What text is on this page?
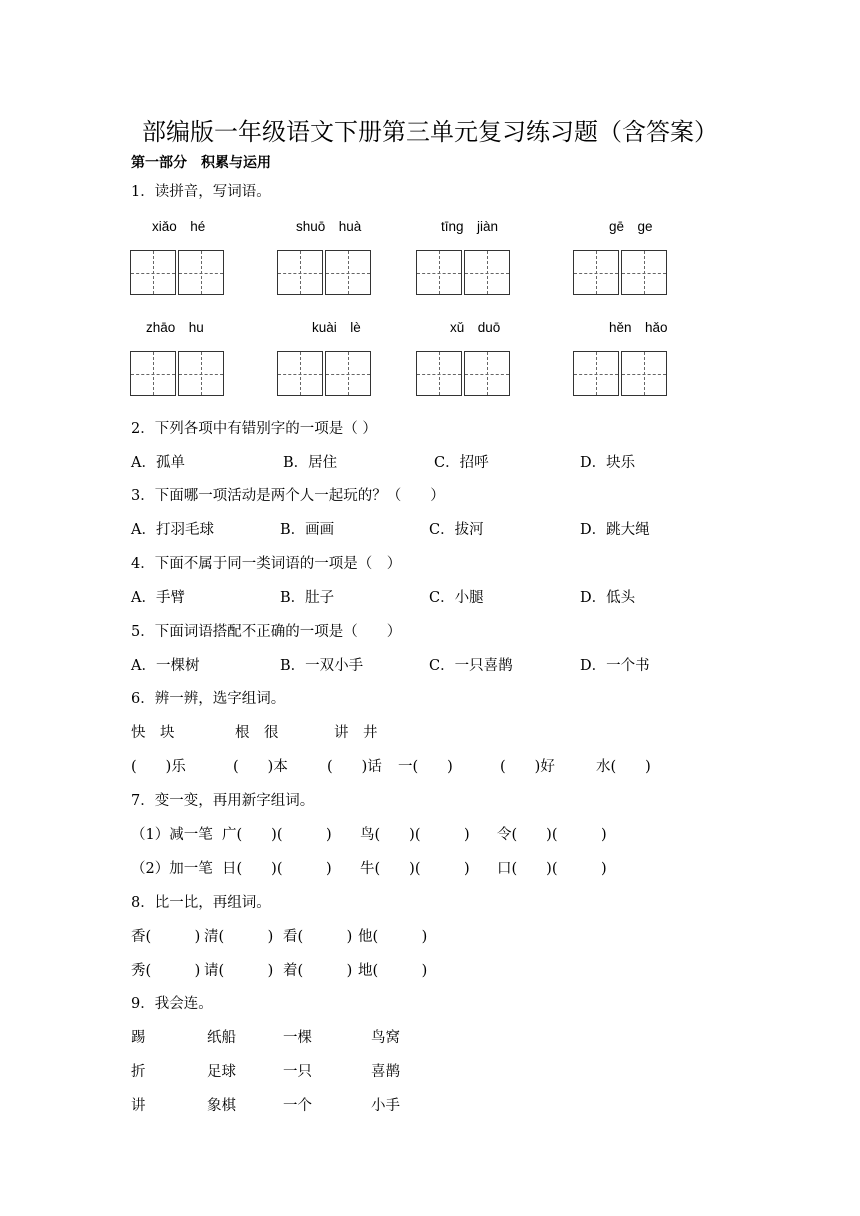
部编版一年级语文下册第三单元复习练习题（含答案）
第一部分　积累与运用
1．读拼音，写词语。
xiǎo　hé	shuō　huà	tīng　jiàn	gē　ge
zhāo　hu	kuài　lè	xǔ　duō	hěn　hǎo
2．下列各项中有错别字的一项是（ ）
A．孤单	B．居住	C．招呼	D．块乐
3．下面哪一项活动是两个人一起玩的？（　　）
A．打羽毛球	B．画画	C．拔河	D．跳大绳
4．下面不属于同一类词语的一项是（　）
A．手臂	B．肚子	C．小腿	D．低头
5．下面词语搭配不正确的一项是（　　）
A．一棵树	B．一双小手	C．一只喜鹊	D．一个书
6．辨一辨，选字组词。
快　块	根　很	讲　井
(　　)乐	(　　)本	(　　)话 一(　　)	(　　)好	水(　　)
7．变一变，再用新字组词。
（1）减一笔 广(　　)(　　　) 鸟(　　)(　　　) 令(　　)(　　　)
（2）加一笔 日(　　)(　　　) 牛(　　)(　　　) 口(　　)(　　　)
8．比一比，再组词。
香(　　　) 清(　　　) 看(　　　) 他(　　　)
秀(　　　) 请(　　　) 着(　　　) 地(　　　)
9．我会连。
踢	纸船	一棵	鸟窝
折	足球	一只	喜鹊
讲	象棋	一个	小手
